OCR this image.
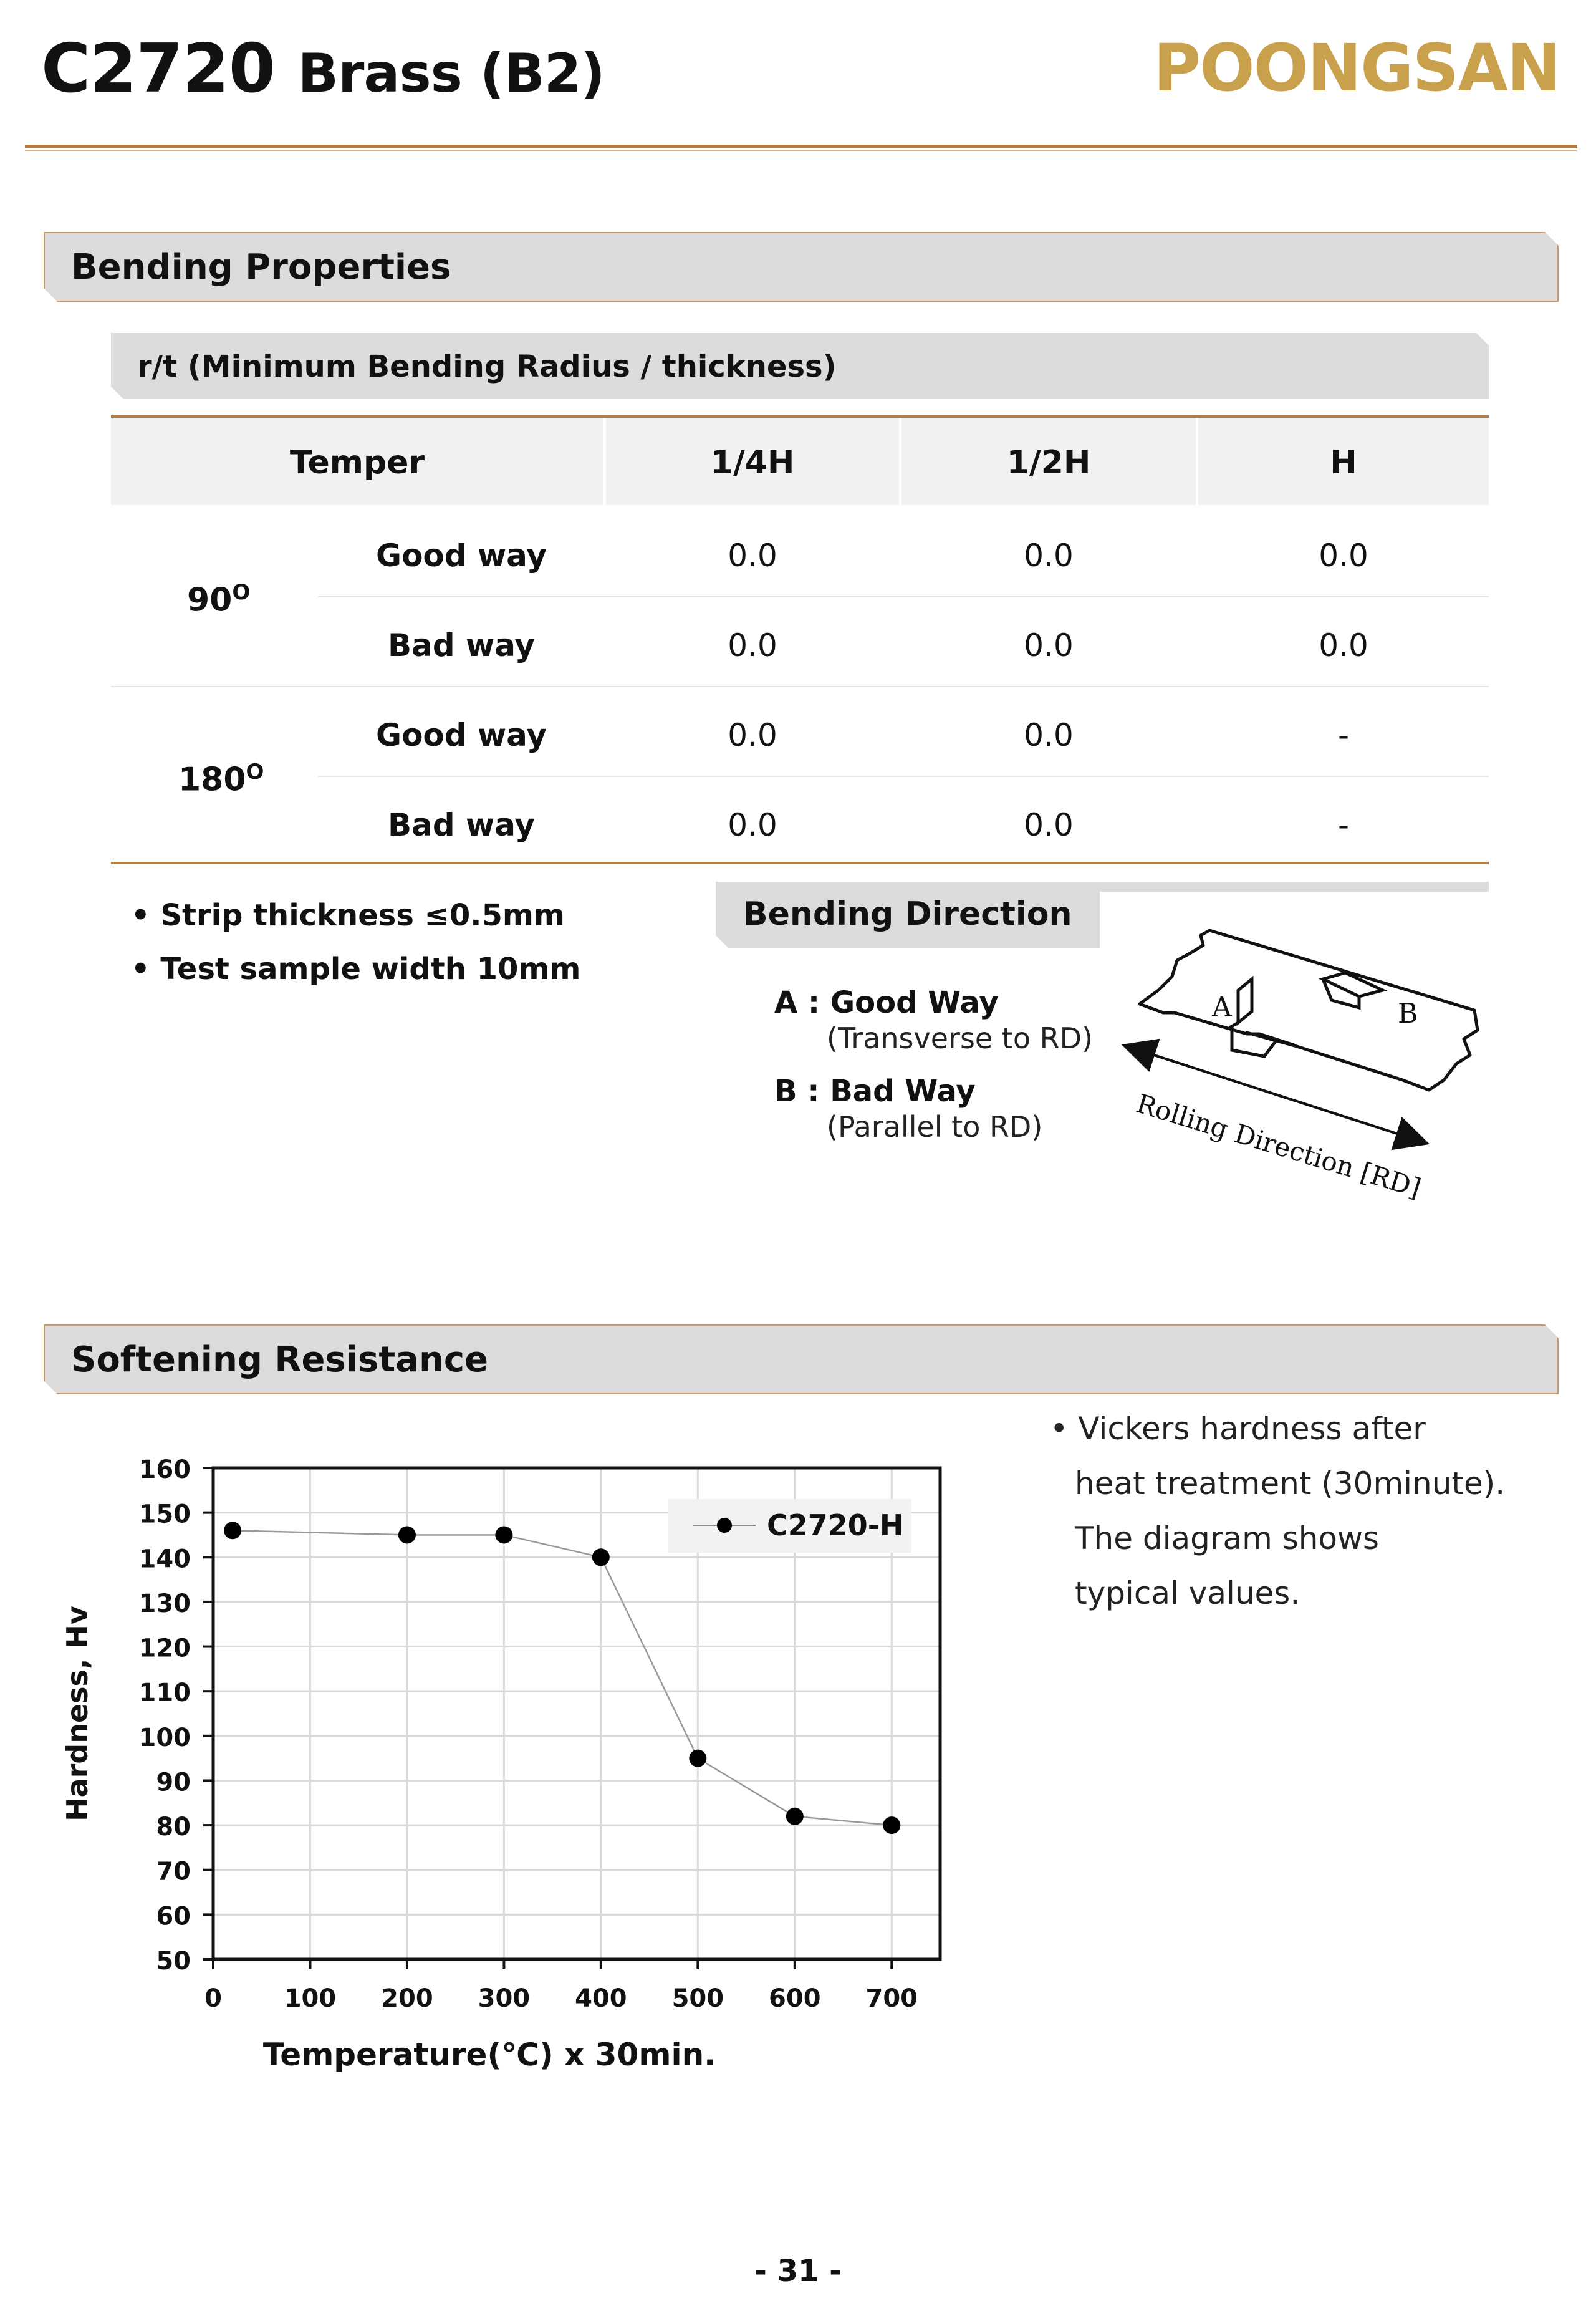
C2720 Brass (B2)	POONGSAN
Bending Properties
r/t (Minimum Bending Radius / thickness)
Temper	1/4H	1/2H	H
$90^O$
Good way	0.0	0.0	0.0
Bad way	0.0	0.0	0.0
$180^O$
Good way	0.0	0.0	-
Bad way	0.0	0.0	-
• Strip thickness ≤0.5mm
• Test sample width 10mm
Bending Direction
A : Good Way
(Transverse to RD)
B : Bad Way
(Parallel to RD)
A	B
Rolling Direction [RD]
Softening Resistance
• Vickers hardness after
heat treatment (30minute).
The diagram shows
typical values.
50
60
70
80
90
100
110
120
130
140
150
160
0 100 200 300 400 500 600 700
C2720-H
Hardness, Hv
Temperature(℃) x 30min.
- 31 -
